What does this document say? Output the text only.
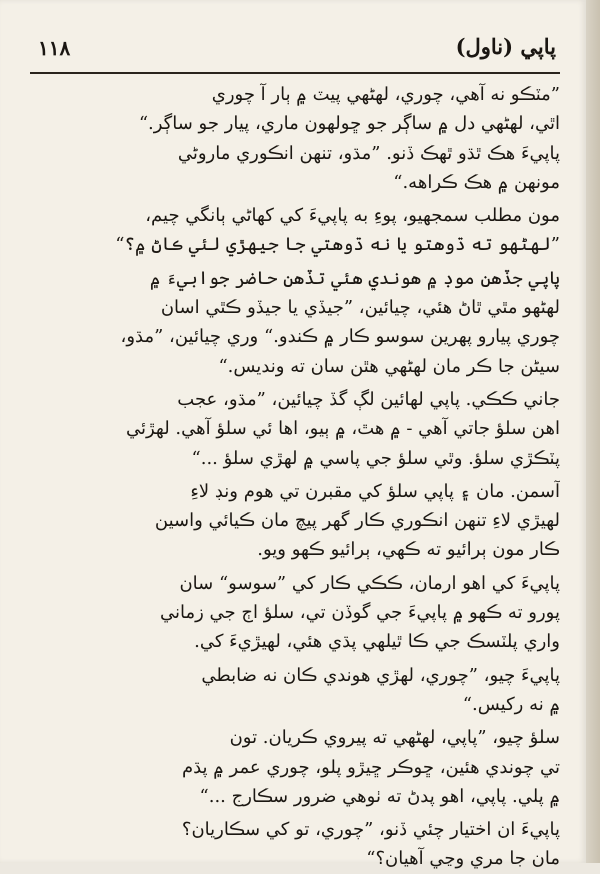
١١٨	پاپي (ناول)

”مٽڪو نه آهي، چوري، لهڻهي پيٽ ۾ ٻار آ چوري
اٿي، لهڻهي دل ۾ ساڳر جو ڇولهون ماري، پيار جو ساڳر.“
پاپيءَ هڪ ٿڌو ٿهڪ ڏنو. ”مڌو، تنهن انڪوري ماروڻي
مونهن ۾ هڪ ڪراهه.“

مون مطلب سمجهيو، پوءِ به پاپيءَ کي کهاڻي ٻانگي چيم،
”لهڻهو ته ڌوهتو يا نه ڌوهتي جا جيهڙي لئي ڪاڻ ۾؟“

پاپي جڏهن موڊ ۾ هوندي هئي تڏهن حاضر جوابيءَ ۾
لهڻهو مٿي ٿاڻ هئي، چيائين، ”جيڏي يا جيڏو ڪٿي اسان
چوري پيارو پهرين سوسو ڪار ۾ ڪندو.“ وري چيائين، ”مڌو،
سيڻن جا ڪر مان لهڻهي هٿن سان ته ونديس.“

جاني ڪڪي. پاپي لهائين لڳ گڏ چيائين، ”مڌو، عجب
اهن سلؤ جاتي آهي - ۾ هٿ، ۾ ٻيو، اها ئي سلؤ آهي. لهڙئي
پٽڪڙي سلؤ. وٿي سلؤ جي پاسي ۾ لهڙي سلؤ ...“

آسمن. مان ۽ پاپي سلؤ کي مقبرن تي هوم ونڊ لاءِ
لهيڙي لاءِ تنهن انڪوري ڪار گهر پيچ مان ڪيائي واسين
ڪار مون ٻرائيو ته ڪهي، ٻرائيو ڪهو ويو.

پاپيءَ کي اهو ارمان، ڪڪي ڪار کي ”سوسو“ سان
پورو ته ڪهو ۾ پاپيءَ جي گوڏن تي، سلؤ اڄ جي زماني
واري پلٽسڪ جي ڪا ٿيلهي پڌي هئي، لهيڙيءَ کي.

پاپيءَ چيو، ”چوري، لهڙي هوندي ڪان نه ضابطي
۾ نه رکيس.“

سلؤ چيو، ”پاپي، لهڻهي ته پيروي ڪريان. تون
تي چوندي هئين، ڇوڪر ڇيڙو پلو، چوري عمر ۾ پڌم
۾ پلي. پاپي، اهو پدڻ ته ٺوهي ضرور سڪارج ...“

پاپيءَ ان اختيار چئي ڏنو، ”چوري، تو کي سڪاريان؟
مان جا مري وڃي آهيان؟“
